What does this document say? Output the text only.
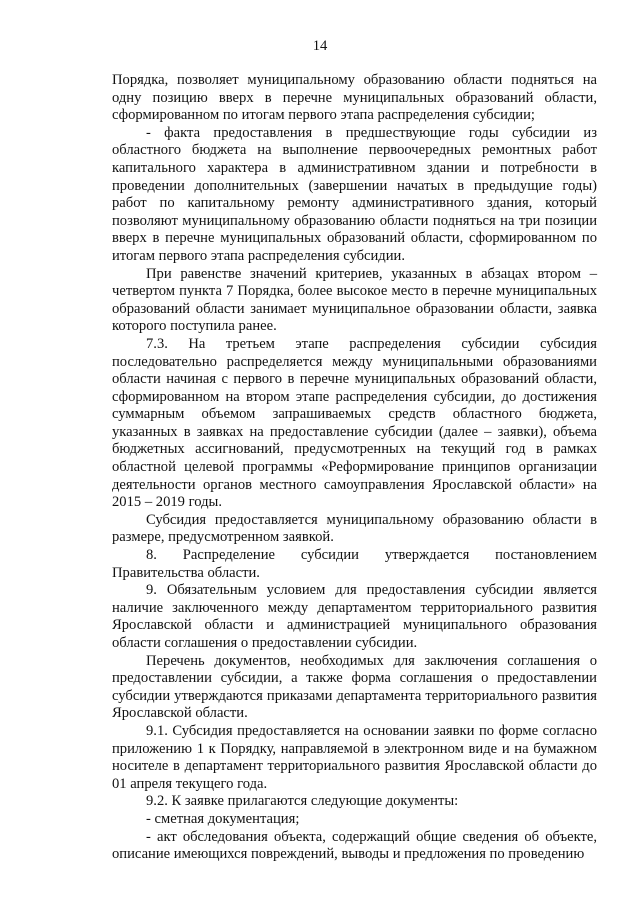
14

Порядка, позволяет муниципальному образованию области подняться на одну позицию вверх в перечне муниципальных образований области, сформированном по итогам первого этапа распределения субсидии;

- факта предоставления в предшествующие годы субсидии из областного бюджета на выполнение первоочередных ремонтных работ капитального характера в административном здании и потребности в проведении дополнительных (завершении начатых в предыдущие годы) работ по капитальному ремонту административного здания, который позволяют муниципальному образованию области подняться на три позиции вверх в перечне муниципальных образований области, сформированном по итогам первого этапа распределения субсидии.

При равенстве значений критериев, указанных в абзацах втором – четвертом пункта 7 Порядка, более высокое место в перечне муниципальных образований области занимает муниципальное образовании области, заявка которого поступила ранее.

7.3. На третьем этапе распределения субсидии субсидия последовательно распределяется между муниципальными образованиями области начиная с первого в перечне муниципальных образований области, сформированном на втором этапе распределения субсидии, до достижения суммарным объемом запрашиваемых средств областного бюджета, указанных в заявках на предоставление субсидии (далее – заявки), объема бюджетных ассигнований, предусмотренных на текущий год в рамках областной целевой программы «Реформирование принципов организации деятельности органов местного самоуправления Ярославской области» на 2015 – 2019 годы.

Субсидия предоставляется муниципальному образованию области в размере, предусмотренном заявкой.

8. Распределение субсидии утверждается постановлением Правительства области.

9. Обязательным условием для предоставления субсидии является наличие заключенного между департаментом территориального развития Ярославской области и администрацией муниципального образования области соглашения о предоставлении субсидии.

Перечень документов, необходимых для заключения соглашения о предоставлении субсидии, а также форма соглашения о предоставлении субсидии утверждаются приказами департамента территориального развития Ярославской области.

9.1. Субсидия предоставляется на основании заявки по форме согласно приложению 1 к Порядку, направляемой в электронном виде и на бумажном носителе в департамент территориального развития Ярославской области до 01 апреля текущего года.

9.2. К заявке прилагаются следующие документы:

- сметная документация;

- акт обследования объекта, содержащий общие сведения об объекте, описание имеющихся повреждений, выводы и предложения по проведению
